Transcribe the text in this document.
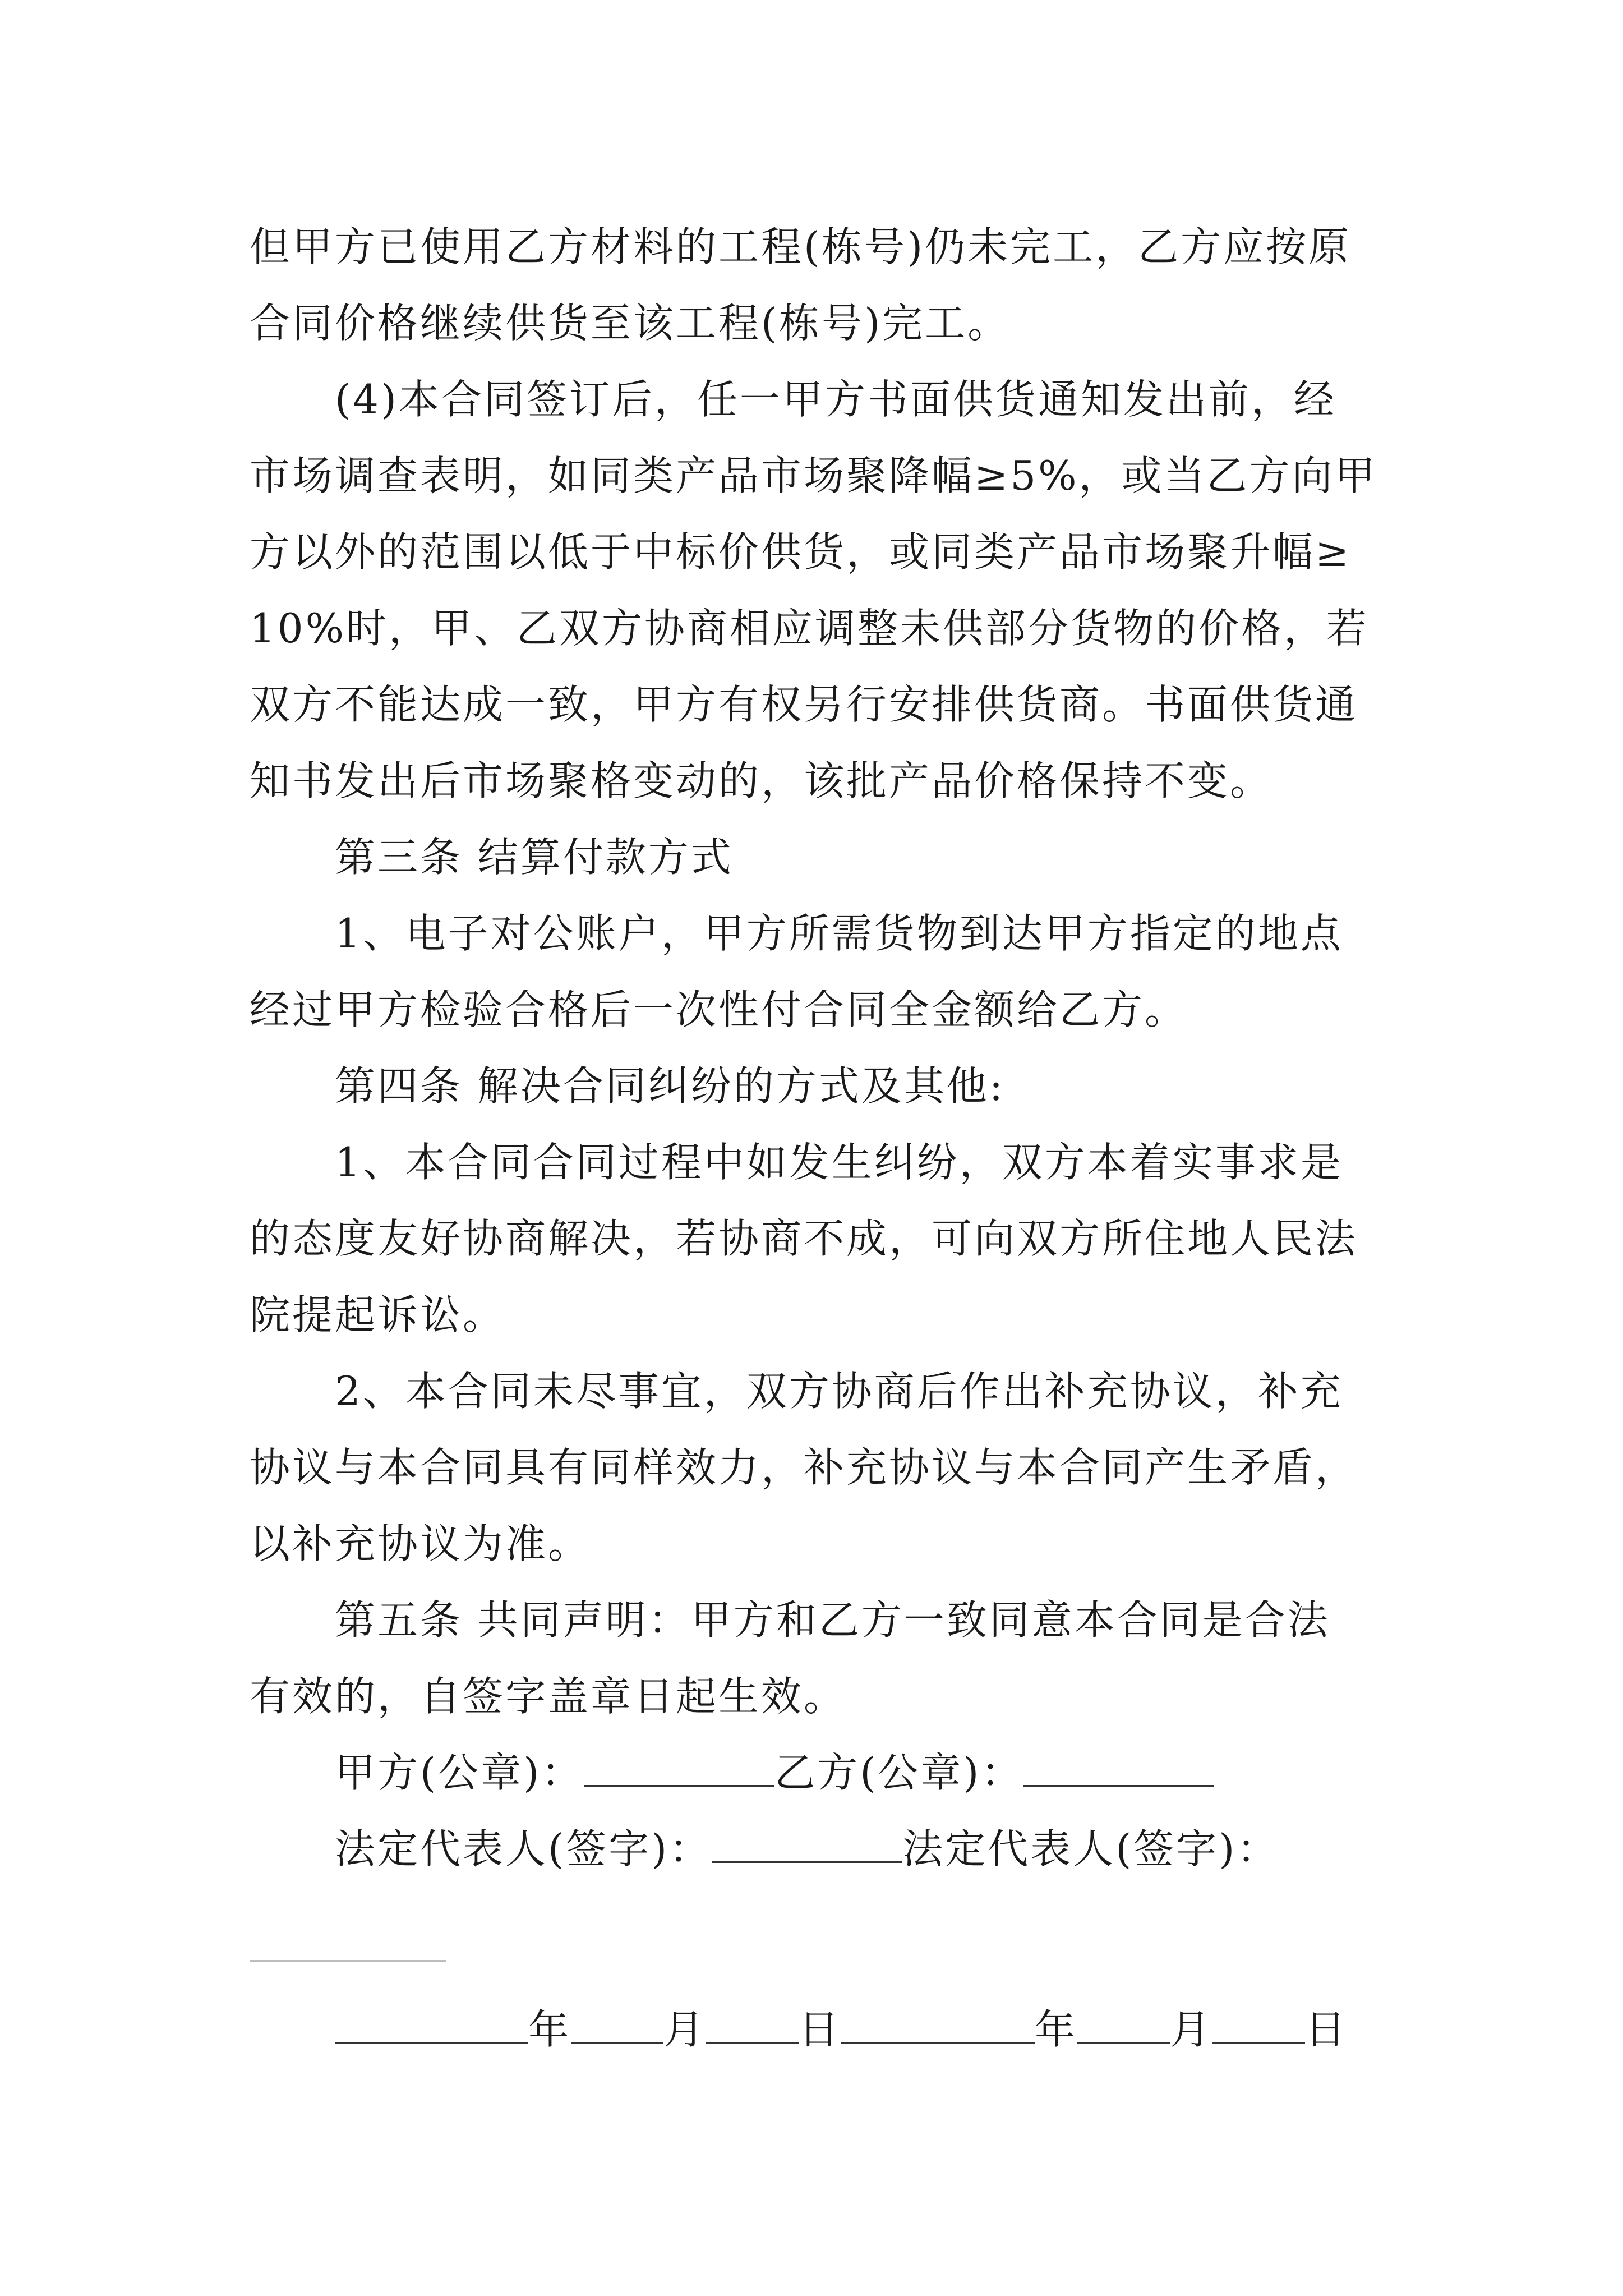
但甲方已使用乙方材料的工程(栋号)仍未完工，乙方应按原
合同价格继续供货至该工程(栋号)完工。

(4)本合同签订后，任一甲方书面供货通知发出前，经
市场调查表明，如同类产品市场聚降幅≥5%，或当乙方向甲
方以外的范围以低于中标价供货，或同类产品市场聚升幅≥
10%时，甲、乙双方协商相应调整未供部分货物的价格，若
双方不能达成一致，甲方有权另行安排供货商。书面供货通
知书发出后市场聚格变动的，该批产品价格保持不变。

第三条 结算付款方式

1、电子对公账户，甲方所需货物到达甲方指定的地点
经过甲方检验合格后一次性付合同全金额给乙方。

第四条 解决合同纠纷的方式及其他:

1、本合同合同过程中如发生纠纷，双方本着实事求是
的态度友好协商解决，若协商不成，可向双方所住地人民法
院提起诉讼。

2、本合同未尽事宜，双方协商后作出补充协议，补充
协议与本合同具有同样效力，补充协议与本合同产生矛盾，
以补充协议为准。

第五条 共同声明：甲方和乙方一致同意本合同是合法
有效的，自签字盖章日起生效。

甲方(公章)：	乙方(公章)：
法定代表人(签字)：	法定代表人(签字)：
年 月 日	年 月 日
